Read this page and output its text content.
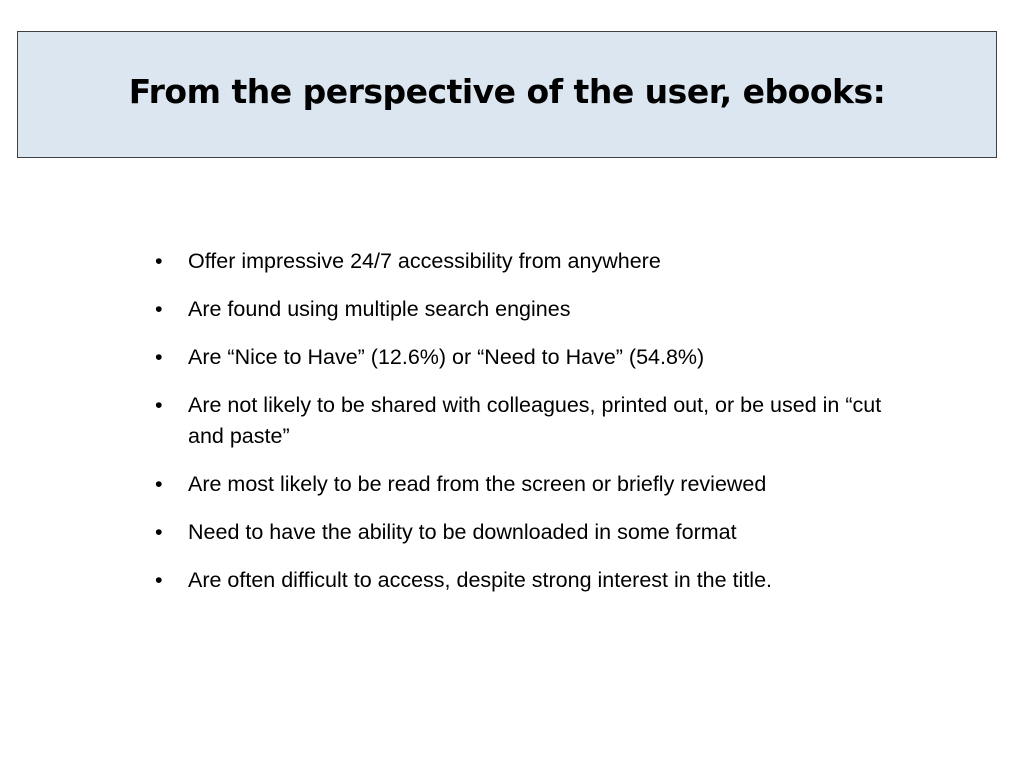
From the perspective of the user, ebooks:
• Offer impressive 24/7 accessibility from anywhere
• Are found using multiple search engines
• Are “Nice to Have” (12.6%) or “Need to Have” (54.8%)
• Are not likely to be shared with colleagues, printed out, or be used in “cut and paste”
• Are most likely to be read from the screen or briefly reviewed
• Need to have the ability to be downloaded in some format
• Are often difficult to access, despite strong interest in the title.
